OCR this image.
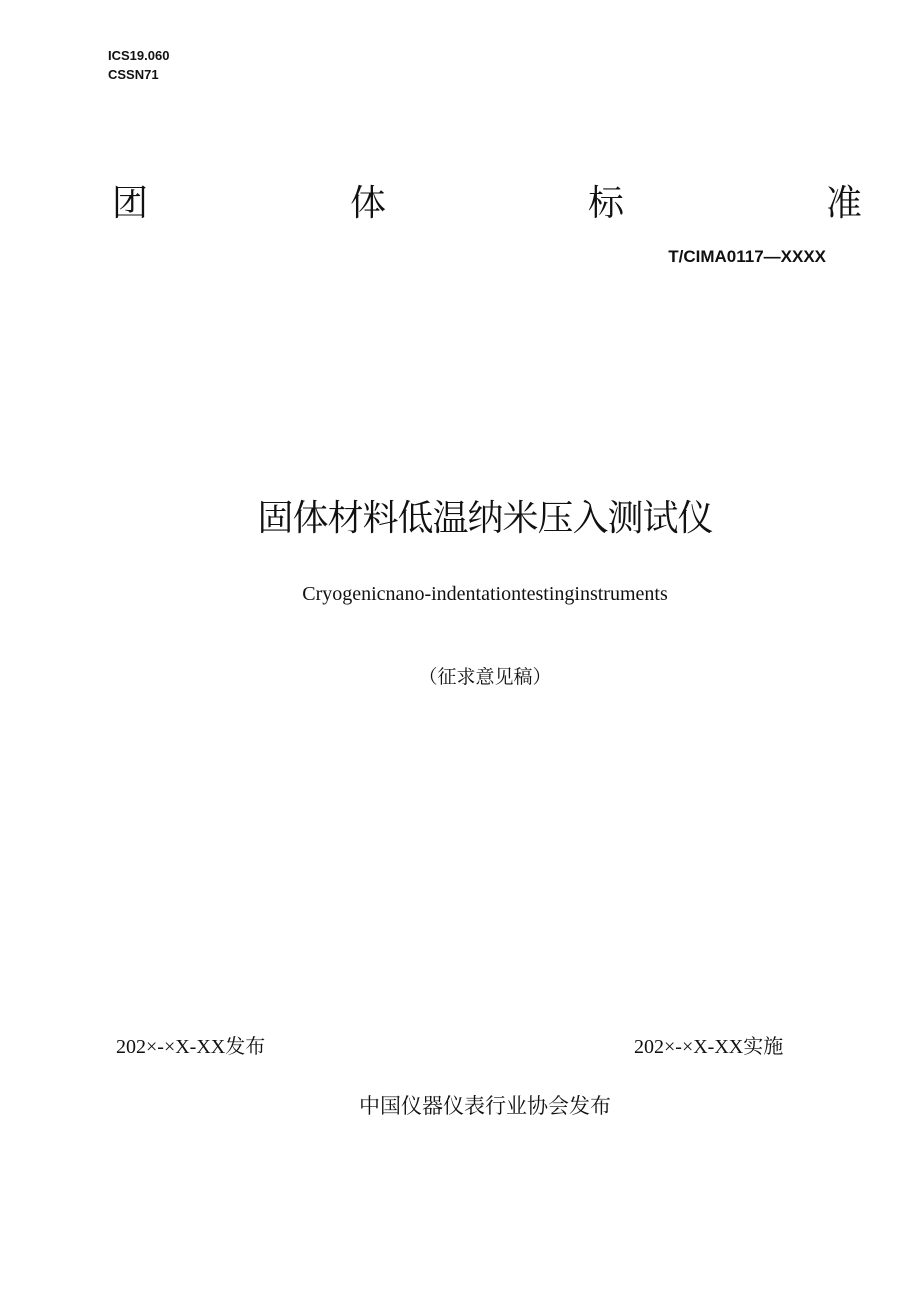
ICS19.060
CSSN71
团	体	标	准
T/CIMA0117—XXXX
固体材料低温纳米压入测试仪
Cryogenicnano-indentationtestinginstruments
（征求意见稿）
202×-×X-XX发布	202×-×X-XX实施
中国仪器仪表行业协会发布
